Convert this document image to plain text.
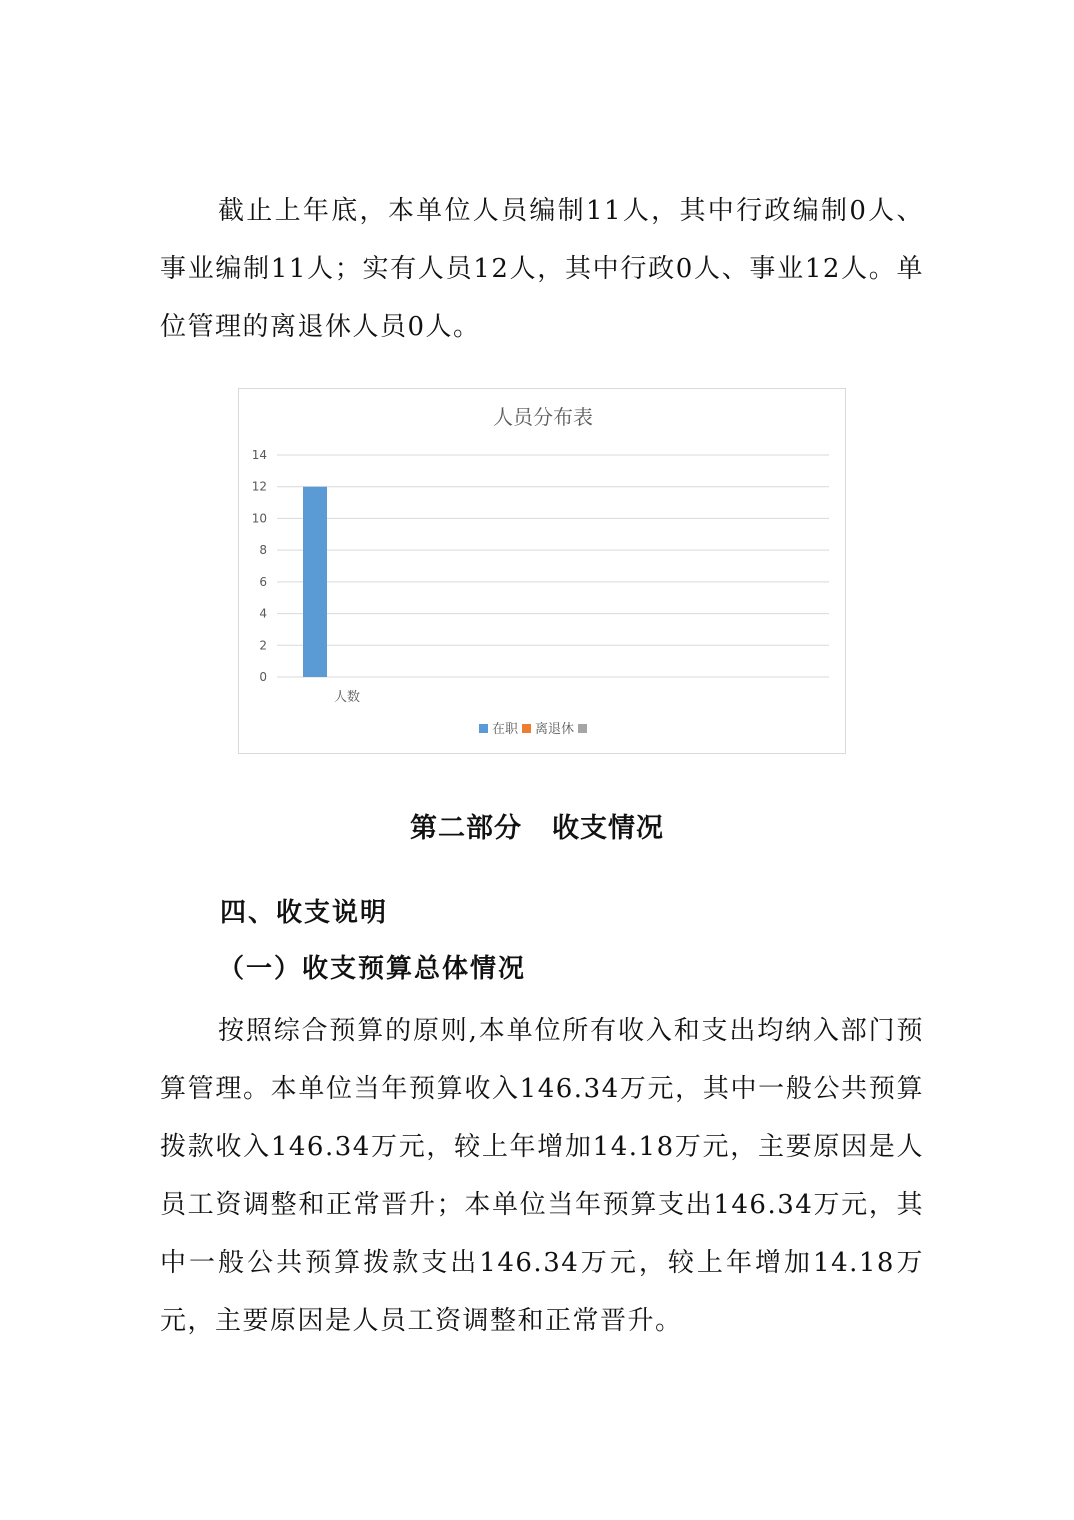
截止上年底，本单位人员编制11人，其中行政编制0人、事业编制11人；实有人员12人，其中行政0人、事业12人。单位管理的离退休人员0人。

人员分布表
0
2
4
6
8
10
12
14
人数
在职 离退休
第二部分 收支情况
四、收支说明
（一）收支预算总体情况

按照综合预算的原则,本单位所有收入和支出均纳入部门预算管理。本单位当年预算收入146.34万元，其中一般公共预算拨款收入146.34万元，较上年增加14.18万元，主要原因是人员工资调整和正常晋升；本单位当年预算支出146.34万元，其中一般公共预算拨款支出146.34万元，较上年增加14.18万元，主要原因是人员工资调整和正常晋升。
